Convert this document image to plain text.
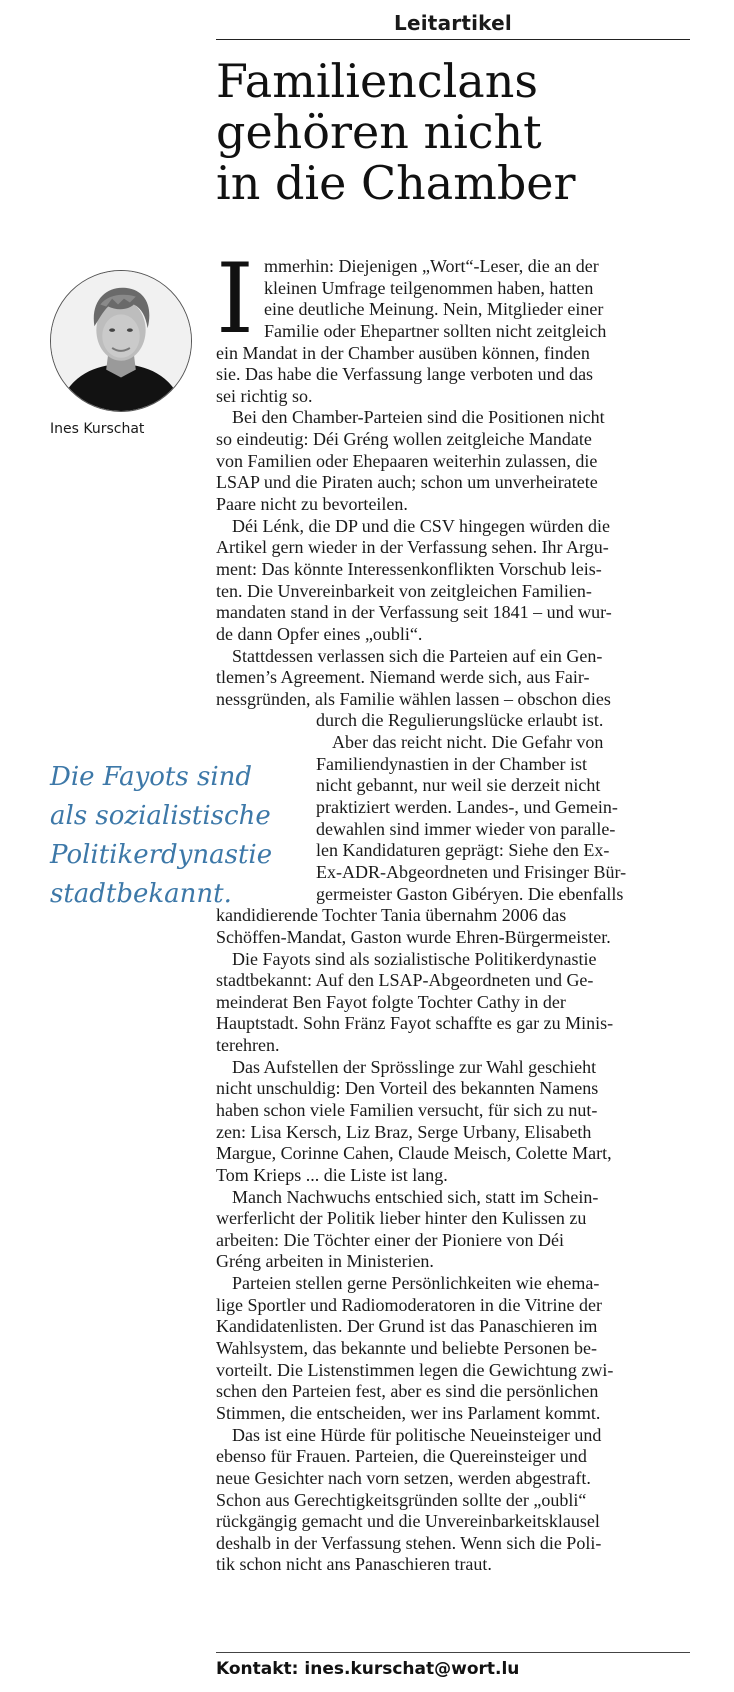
Leitartikel
Familienclans
gehören nicht
in die Chamber
Ines Kurschat
Die Fayots sind
als sozialistische
Politikerdynastie
stadtbekannt.
I mmerhin: Diejenigen „Wort“-Leser, die an der
kleinen Umfrage teilgenommen haben, hatten
eine deutliche Meinung. Nein, Mitglieder einer
Familie oder Ehepartner sollten nicht zeitgleich
ein Mandat in der Chamber ausüben können, finden
sie. Das habe die Verfassung lange verboten und das
sei richtig so.
Bei den Chamber-Parteien sind die Positionen nicht
so eindeutig: Déi Gréng wollen zeitgleiche Mandate
von Familien oder Ehepaaren weiterhin zulassen, die
LSAP und die Piraten auch; schon um unverheiratete
Paare nicht zu bevorteilen.
Déi Lénk, die DP und die CSV hingegen würden die
Artikel gern wieder in der Verfassung sehen. Ihr Argu-
ment: Das könnte Interessenkonflikten Vorschub leis-
ten. Die Unvereinbarkeit von zeitgleichen Familien-
mandaten stand in der Verfassung seit 1841 – und wur-
de dann Opfer eines „oubli“.
Stattdessen verlassen sich die Parteien auf ein Gen-
tlemen’s Agreement. Niemand werde sich, aus Fair-
nessgründen, als Familie wählen lassen – obschon dies
durch die Regulierungslücke erlaubt ist.
Aber das reicht nicht. Die Gefahr von
Familiendynastien in der Chamber ist
nicht gebannt, nur weil sie derzeit nicht
praktiziert werden. Landes-, und Gemein-
dewahlen sind immer wieder von paralle-
len Kandidaturen geprägt: Siehe den Ex-
Ex-ADR-Abgeordneten und Frisinger Bür-
germeister Gaston Gibéryen. Die ebenfalls
kandidierende Tochter Tania übernahm 2006 das
Schöffen-Mandat, Gaston wurde Ehren-Bürgermeister.
Die Fayots sind als sozialistische Politikerdynastie
stadtbekannt: Auf den LSAP-Abgeordneten und Ge-
meinderat Ben Fayot folgte Tochter Cathy in der
Hauptstadt. Sohn Fränz Fayot schaffte es gar zu Minis-
terehren.
Das Aufstellen der Sprösslinge zur Wahl geschieht
nicht unschuldig: Den Vorteil des bekannten Namens
haben schon viele Familien versucht, für sich zu nut-
zen: Lisa Kersch, Liz Braz, Serge Urbany, Elisabeth
Margue, Corinne Cahen, Claude Meisch, Colette Mart,
Tom Krieps ... die Liste ist lang.
Manch Nachwuchs entschied sich, statt im Schein-
werferlicht der Politik lieber hinter den Kulissen zu
arbeiten: Die Töchter einer der Pioniere von Déi
Gréng arbeiten in Ministerien.
Parteien stellen gerne Persönlichkeiten wie ehema-
lige Sportler und Radiomoderatoren in die Vitrine der
Kandidatenlisten. Der Grund ist das Panaschieren im
Wahlsystem, das bekannte und beliebte Personen be-
vorteilt. Die Listenstimmen legen die Gewichtung zwi-
schen den Parteien fest, aber es sind die persönlichen
Stimmen, die entscheiden, wer ins Parlament kommt.
Das ist eine Hürde für politische Neueinsteiger und
ebenso für Frauen. Parteien, die Quereinsteiger und
neue Gesichter nach vorn setzen, werden abgestraft.
Schon aus Gerechtigkeitsgründen sollte der „oubli“
rückgängig gemacht und die Unvereinbarkeitsklausel
deshalb in der Verfassung stehen. Wenn sich die Poli-
tik schon nicht ans Panaschieren traut.
Kontakt: ines.kurschat@wort.lu
